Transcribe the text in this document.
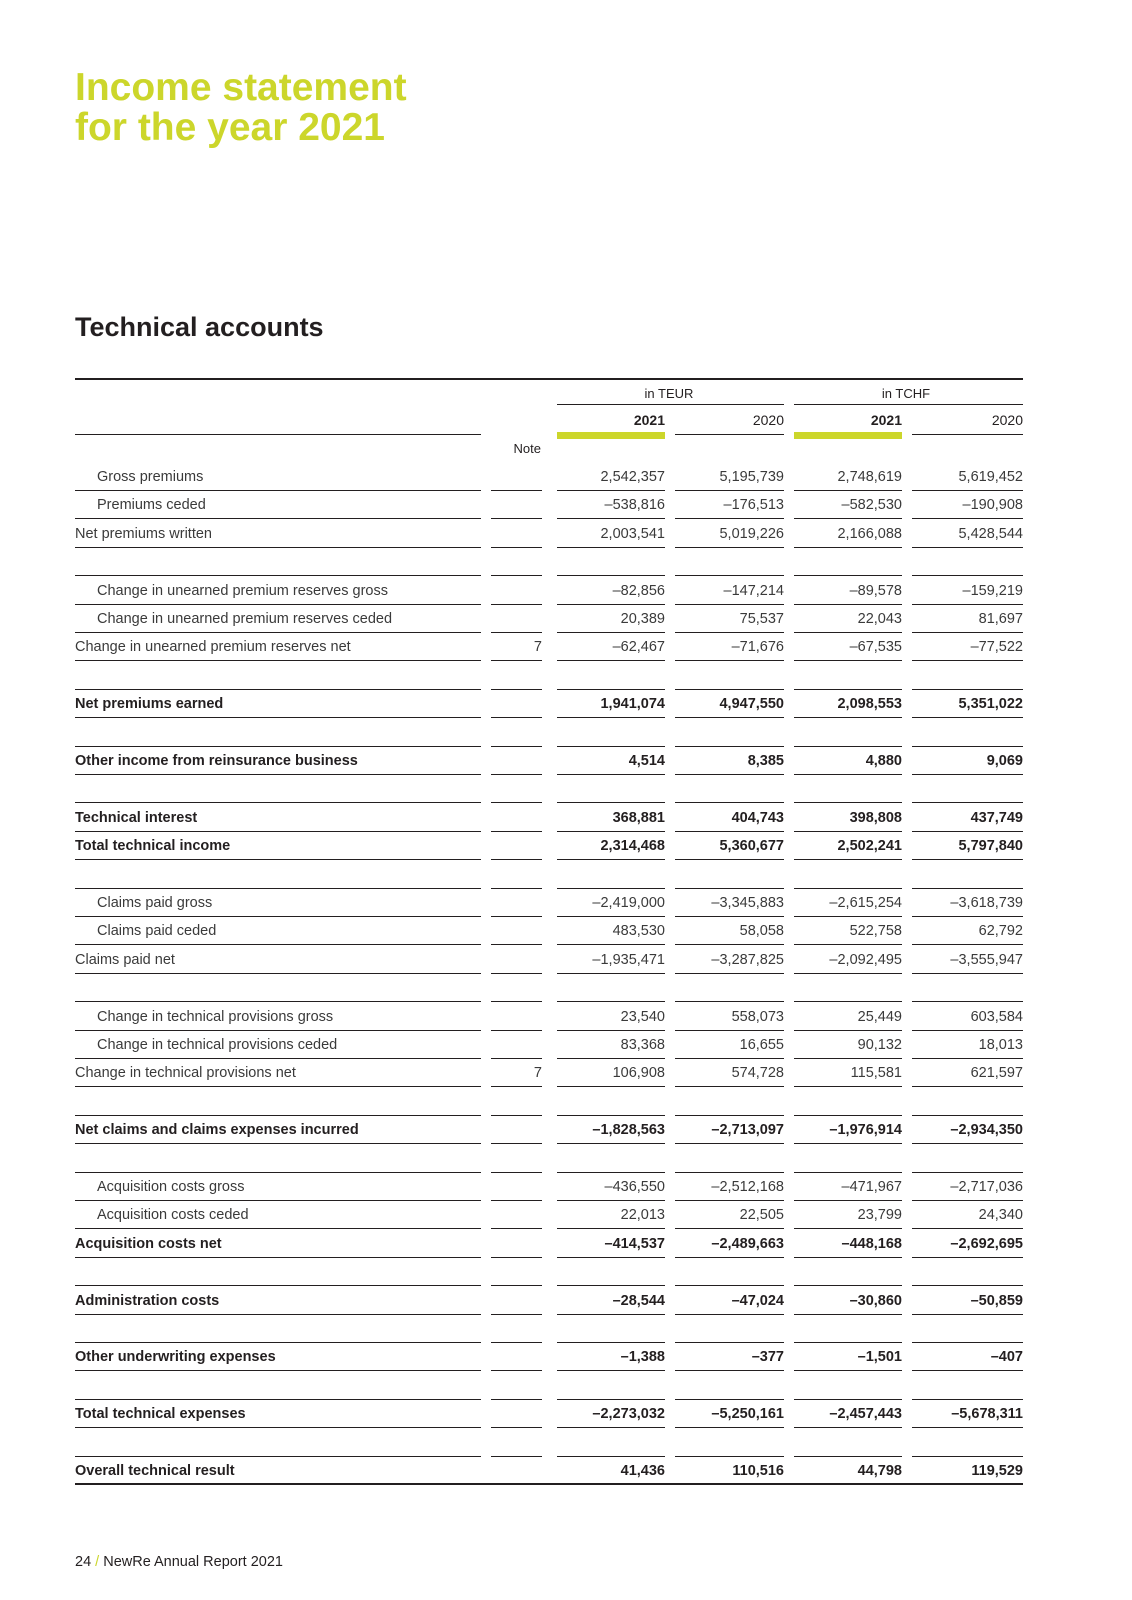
Income statement
for the year 2021
Technical accounts
in TEUR	in TCHF
2021	2020	2021	2020
Note
Gross premiums	2,542,357	5,195,739	2,748,619	5,619,452
Premiums ceded	–538,816	–176,513	–582,530	–190,908
Net premiums written	2,003,541	5,019,226	2,166,088	5,428,544
Change in unearned premium reserves gross	–82,856	–147,214	–89,578	–159,219
Change in unearned premium reserves ceded	20,389	75,537	22,043	81,697
Change in unearned premium reserves net	7	–62,467	–71,676	–67,535	–77,522
Net premiums earned	1,941,074	4,947,550	2,098,553	5,351,022
Other income from reinsurance business	4,514	8,385	4,880	9,069
Technical interest	368,881	404,743	398,808	437,749
Total technical income	2,314,468	5,360,677	2,502,241	5,797,840
Claims paid gross	–2,419,000	–3,345,883	–2,615,254	–3,618,739
Claims paid ceded	483,530	58,058	522,758	62,792
Claims paid net	–1,935,471	–3,287,825	–2,092,495	–3,555,947
Change in technical provisions gross	23,540	558,073	25,449	603,584
Change in technical provisions ceded	83,368	16,655	90,132	18,013
Change in technical provisions net	7	106,908	574,728	115,581	621,597
Net claims and claims expenses incurred	–1,828,563	–2,713,097	–1,976,914	–2,934,350
Acquisition costs gross	–436,550	–2,512,168	–471,967	–2,717,036
Acquisition costs ceded	22,013	22,505	23,799	24,340
Acquisition costs net	–414,537	–2,489,663	–448,168	–2,692,695
Administration costs	–28,544	–47,024	–30,860	–50,859
Other underwriting expenses	–1,388	–377	–1,501	–407
Total technical expenses	–2,273,032	–5,250,161	–2,457,443	–5,678,311
Overall technical result	41,436	110,516	44,798	119,529
24 / NewRe Annual Report 2021
